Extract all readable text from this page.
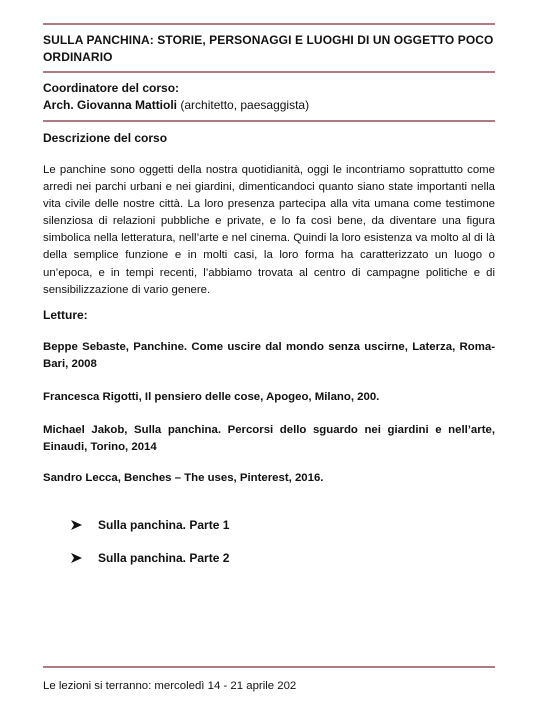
SULLA PANCHINA: STORIE, PERSONAGGI E LUOGHI DI UN OGGETTO POCO ORDINARIO
Coordinatore del corso:
Arch. Giovanna Mattioli (architetto, paesaggista)
Descrizione del corso
Le panchine sono oggetti della nostra quotidianità, oggi le incontriamo soprattutto come arredi nei parchi urbani e nei giardini, dimenticandoci quanto siano state importanti nella vita civile delle nostre città. La loro presenza partecipa alla vita umana come testimone silenziosa di relazioni pubbliche e private, e lo fa così bene, da diventare una figura simbolica nella letteratura, nell’arte e nel cinema. Quindi la loro esistenza va molto al di là della semplice funzione e in molti casi, la loro forma ha caratterizzato un luogo o un’epoca, e in tempi recenti, l’abbiamo trovata al centro di campagne politiche e di sensibilizzazione di vario genere.
Letture:
Beppe Sebaste, Panchine. Come uscire dal mondo senza uscirne, Laterza, Roma-Bari, 2008
Francesca Rigotti, Il pensiero delle cose, Apogeo, Milano, 200.
Michael Jakob, Sulla panchina. Percorsi dello sguardo nei giardini e nell’arte, Einaudi, Torino, 2014
Sandro Lecca, Benches – The uses, Pinterest, 2016.
Sulla panchina. Parte 1
Sulla panchina. Parte 2
Le lezioni si terranno: mercoledì 14 - 21 aprile 202
